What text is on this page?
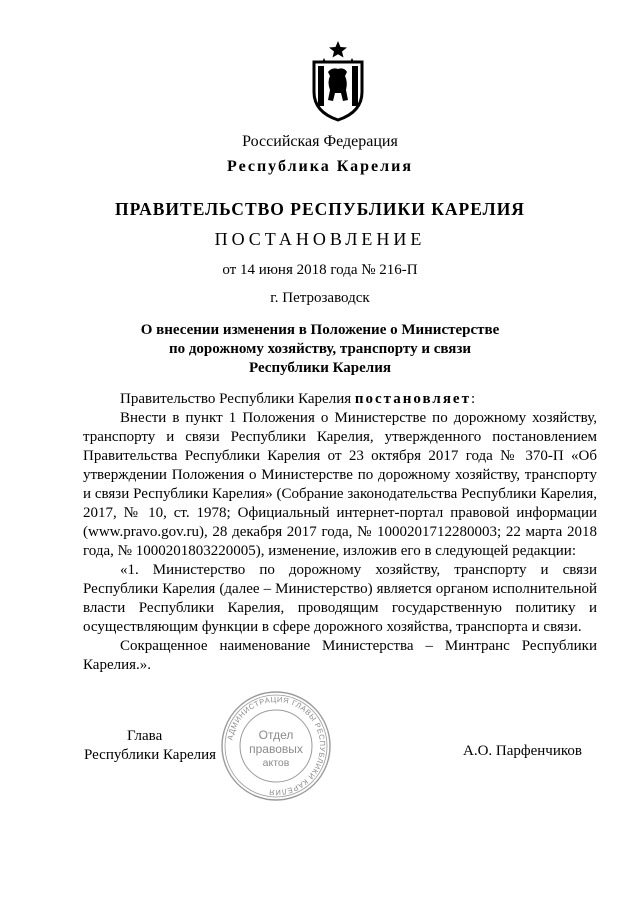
Российская Федерация
Республика Карелия
ПРАВИТЕЛЬСТВО РЕСПУБЛИКИ КАРЕЛИЯ
ПОСТАНОВЛЕНИЕ
от 14 июня 2018 года № 216-П
г. Петрозаводск
О внесении изменения в Положение о Министерстве
по дорожному хозяйству, транспорту и связи
Республики Карелия

Правительство Республики Карелия постановляет:

Внести в пункт 1 Положения о Министерстве по дорожному хозяйству, транспорту и связи Республики Карелия, утвержденного постановлением Правительства Республики Карелия от 23 октября 2017 года № 370-П «Об утверждении Положения о Министерстве по дорожному хозяйству, транспорту и связи Республики Карелия» (Собрание законодательства Республики Карелия, 2017, № 10, ст. 1978; Официальный интернет-портал правовой информации (www.pravo.gov.ru), 28 декабря 2017 года, № 1000201712280003; 22 марта 2018 года, № 1000201803220005), изменение, изложив его в следующей редакции:

«1. Министерство по дорожному хозяйству, транспорту и связи Республики Карелия (далее – Министерство) является органом исполнительной власти Республики Карелия, проводящим государственную политику и осуществляющим функции в сфере дорожного хозяйства, транспорта и связи.

Сокращенное наименование Министерства – Минтранс Республики Карелия.».

Глава
Республики Карелия	А.О. Парфенчиков
АДМИНИСТРАЦИЯ ГЛАВЫ РЕСПУБЛИКИ КАРЕЛИЯ
Отдел
правовых
актов
